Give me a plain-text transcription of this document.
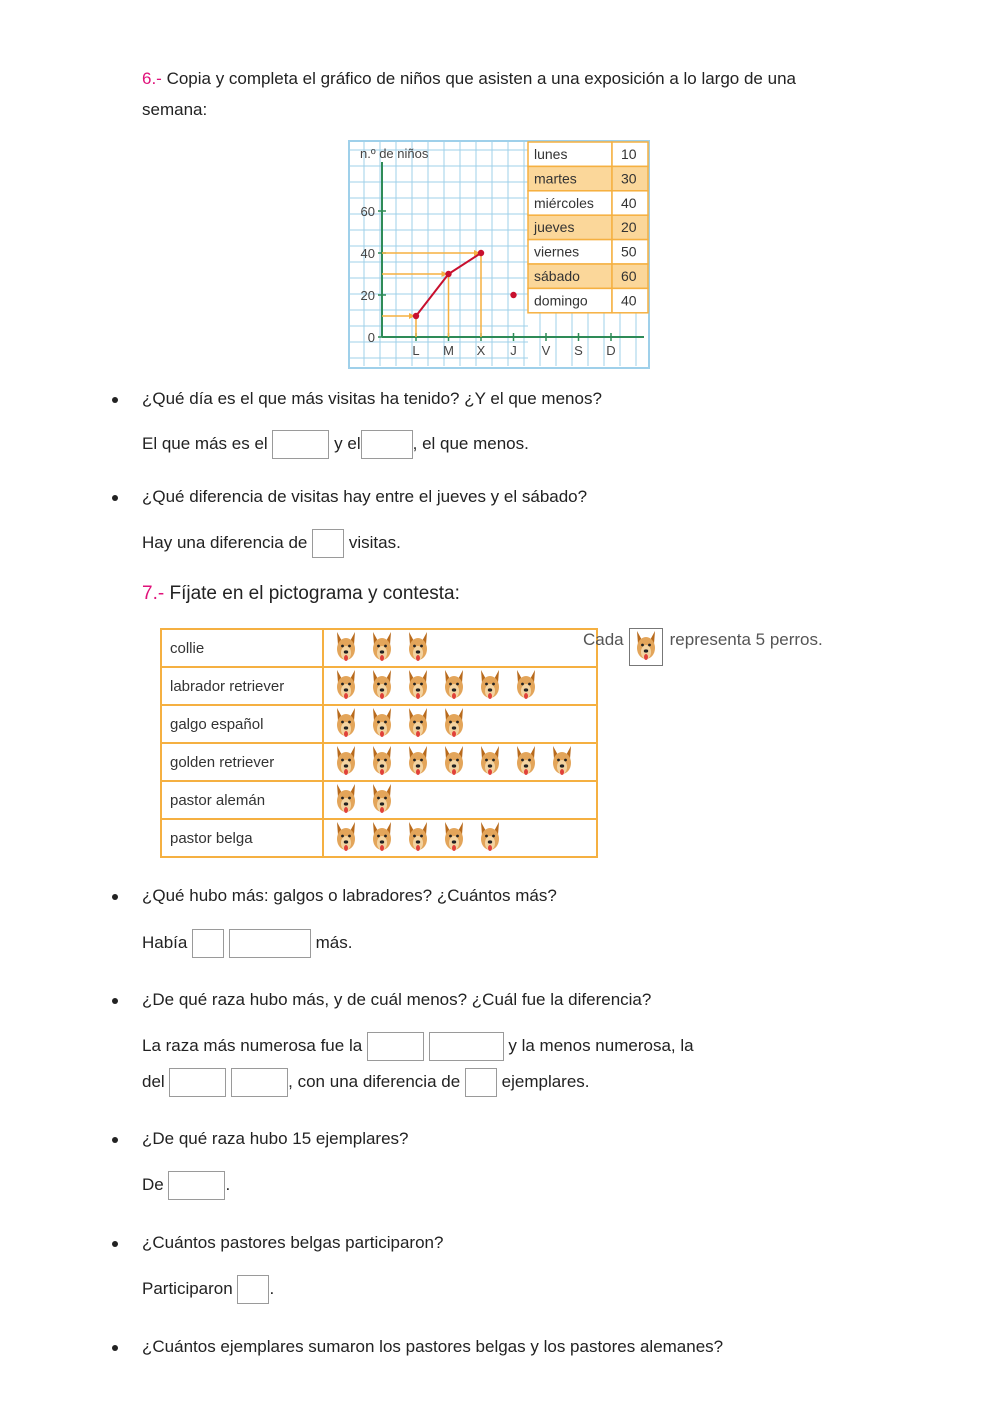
6.- Copia y completa el gráfico de niños que asisten a una exposición a lo largo de una
semana:
n.º de niños
0
20
40
60
L M X J V S D
lunes	10
martes	30
miércoles 40
jueves	20
viernes	50
sábado	60
domingo 40
¿Qué día es el que más visitas ha tenido? ¿Y el que menos?
El que más es el	y el	, el que menos.
¿Qué diferencia de visitas hay entre el jueves y el sábado?
Hay una diferencia de visitas.
7.- Fíjate en el pictograma y contesta:
collie	

labrador retriever	

galgo español	

golden retriever	

pastor alemán	

pastor belga	
Cada	representa 5 perros.
¿Qué hubo más: galgos o labradores? ¿Cuántos más?
Había	más.
¿De qué raza hubo más, y de cuál menos? ¿Cuál fue la diferencia?
La raza más numerosa fue la	y la menos numerosa, la
del	, con una diferencia de ejemplares.
¿De qué raza hubo 15 ejemplares?
De	.
¿Cuántos pastores belgas participaron?
Participaron .
¿Cuántos ejemplares sumaron los pastores belgas y los pastores alemanes?
